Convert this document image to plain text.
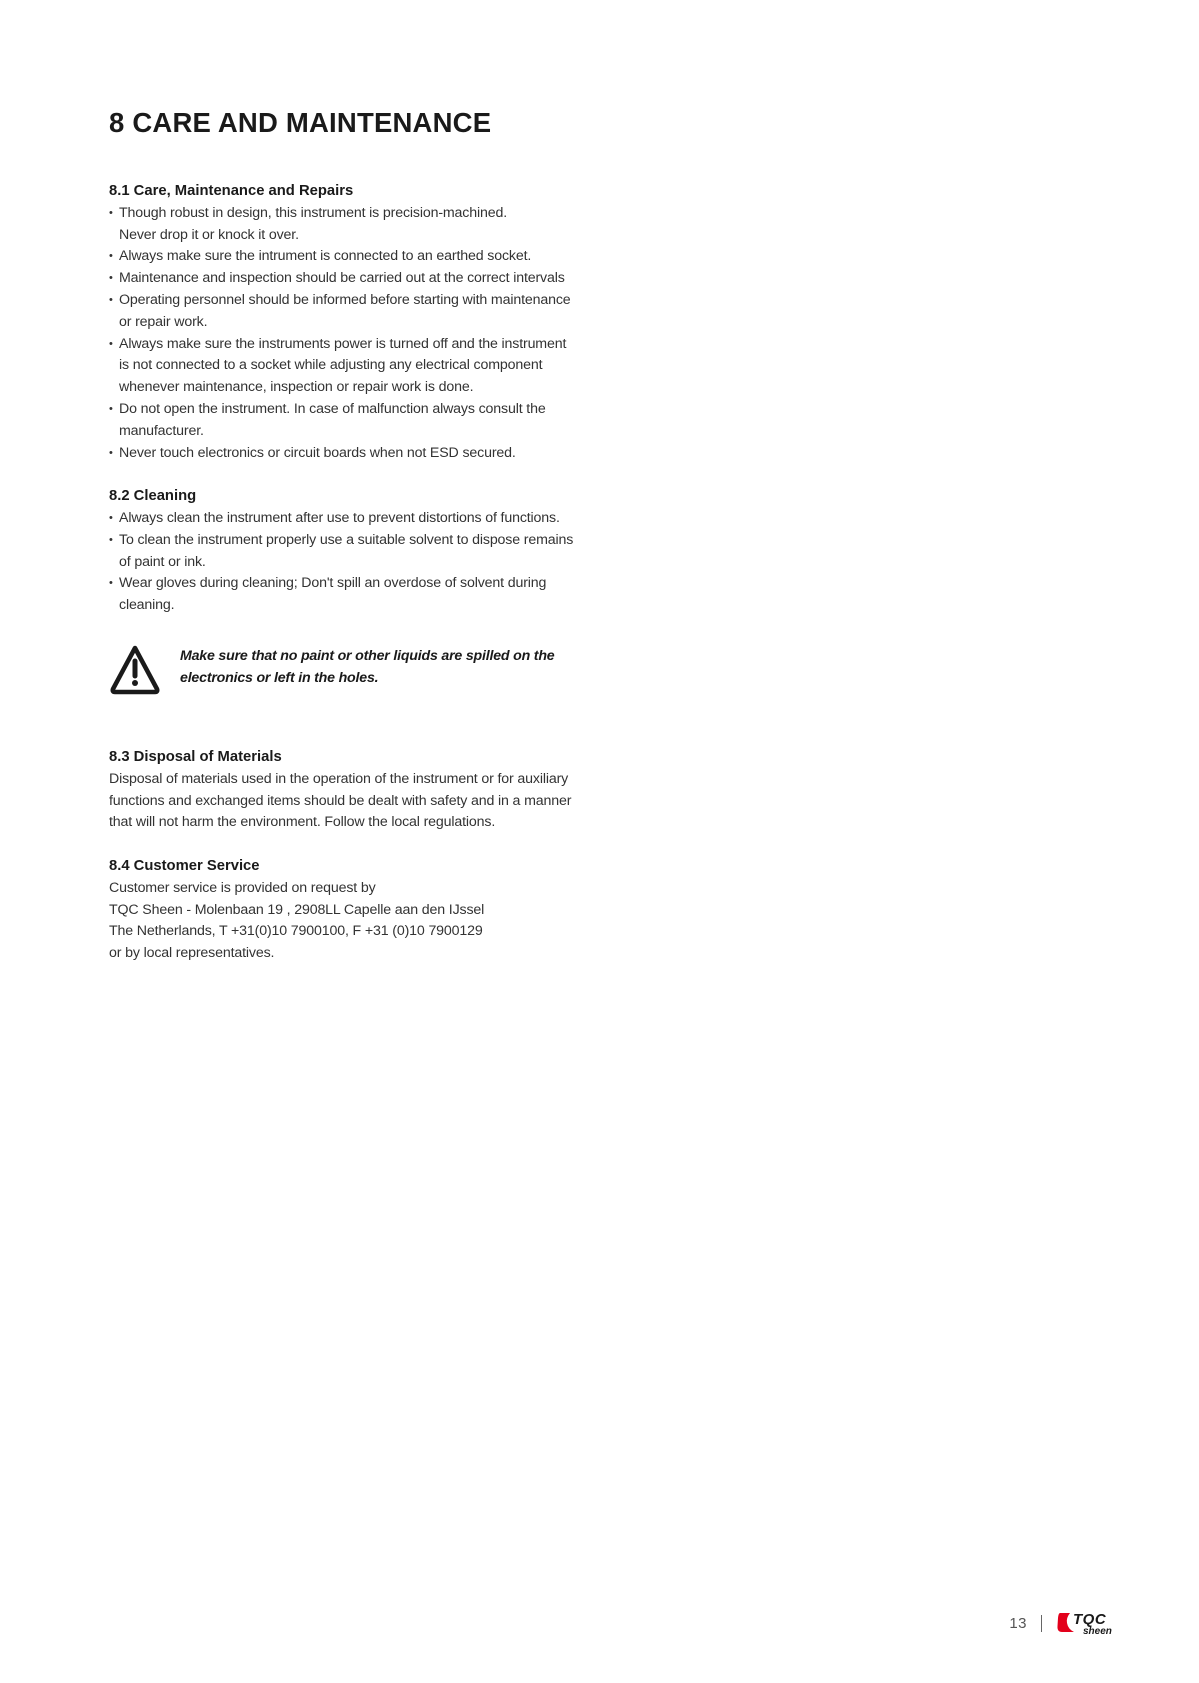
8 CARE AND MAINTENANCE

8.1 Care, Maintenance and Repairs

• Though robust in design, this instrument is precision-machined.
Never drop it or knock it over.
• Always make sure the intrument is connected to an earthed socket.
• Maintenance and inspection should be carried out at the correct intervals
• Operating personnel should be informed before starting with maintenance
or repair work.
• Always make sure the instruments power is turned off and the instrument
is not connected to a socket while adjusting any electrical component
whenever maintenance, inspection or repair work is done.
• Do not open the instrument. In case of malfunction always consult the
manufacturer.
• Never touch electronics or circuit boards when not ESD secured.

8.2 Cleaning

• Always clean the instrument after use to prevent distortions of functions.
• To clean the instrument properly use a suitable solvent to dispose remains
of paint or ink.
• Wear gloves during cleaning; Don't spill an overdose of solvent during
cleaning.
Make sure that no paint or other liquids are spilled on the
electronics or left in the holes.

8.3 Disposal of Materials

Disposal of materials used in the operation of the instrument or for auxiliary

functions and exchanged items should be dealt with safety and in a manner

that will not harm the environment. Follow the local regulations.

8.4 Customer Service

Customer service is provided on request by

TQC Sheen - Molenbaan 19 , 2908LL Capelle aan den IJssel

The Netherlands, T +31(0)10 7900100, F +31 (0)10 7900129

or by local representatives.

13	TQC
sheen
